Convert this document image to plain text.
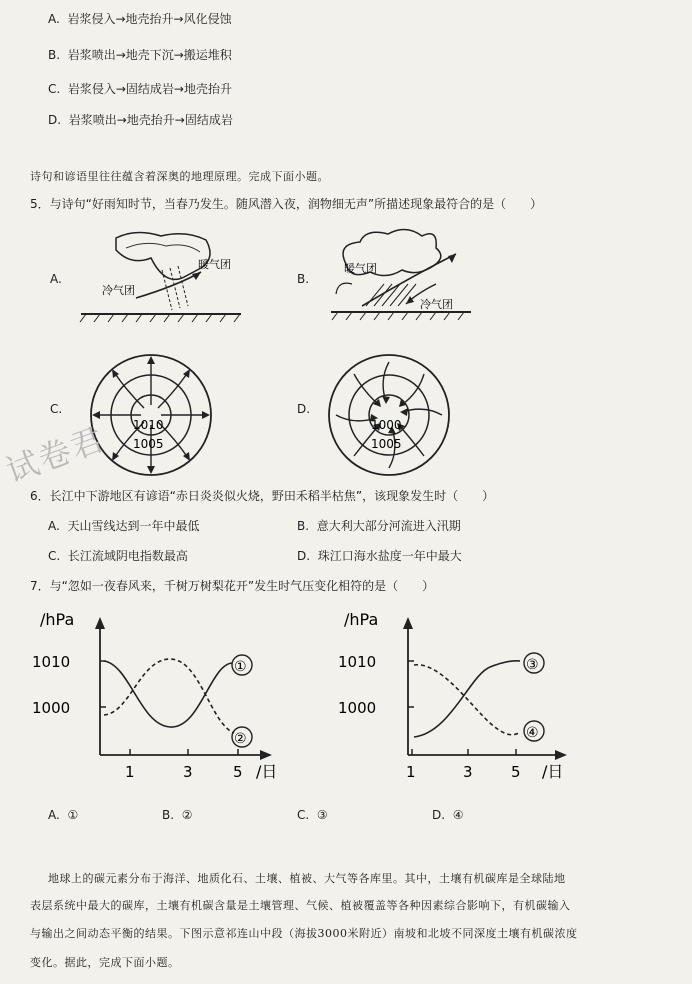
A. 岩浆侵入→地壳抬升→风化侵蚀
B. 岩浆喷出→地壳下沉→搬运堆积
C. 岩浆侵入→固结成岩→地壳抬升
D. 岩浆喷出→地壳抬升→固结成岩
诗句和谚语里往往蕴含着深奥的地理原理。完成下面小题。
5．与诗句“好雨知时节，当春乃发生。随风潜入夜，润物细无声”所描述现象最符合的是（　　）
A.
暖气团
冷气团
B.
暖气团
冷气团
C.
1010
1005
D.
1000
1005
试卷君
6．长江中下游地区有谚语“赤日炎炎似火烧，野田禾稻半枯焦”，该现象发生时（　　）
A. 天山雪线达到一年中最低	B. 意大利大部分河流进入汛期
C. 长江流域阴电指数最高	D. 珠江口海水盐度一年中最大
7．与“忽如一夜春风来，千树万树梨花开”发生时气压变化相符的是（　　）
/hPa
1010
1000
1	3	5 /日
①
②
/hPa
1010
1000
1	3	5 /日
③
④
A. ①	B. ②	C. ③	D. ④
地球上的碳元素分布于海洋、地质化石、土壤、植被、大气等各库里。其中，土壤有机碳库是全球陆地
表层系统中最大的碳库，土壤有机碳含量是土壤管理、气候、植被覆盖等各种因素综合影响下，有机碳输入
与输出之间动态平衡的结果。下图示意祁连山中段（海拔3000米附近）南坡和北坡不同深度土壤有机碳浓度
变化。据此，完成下面小题。
